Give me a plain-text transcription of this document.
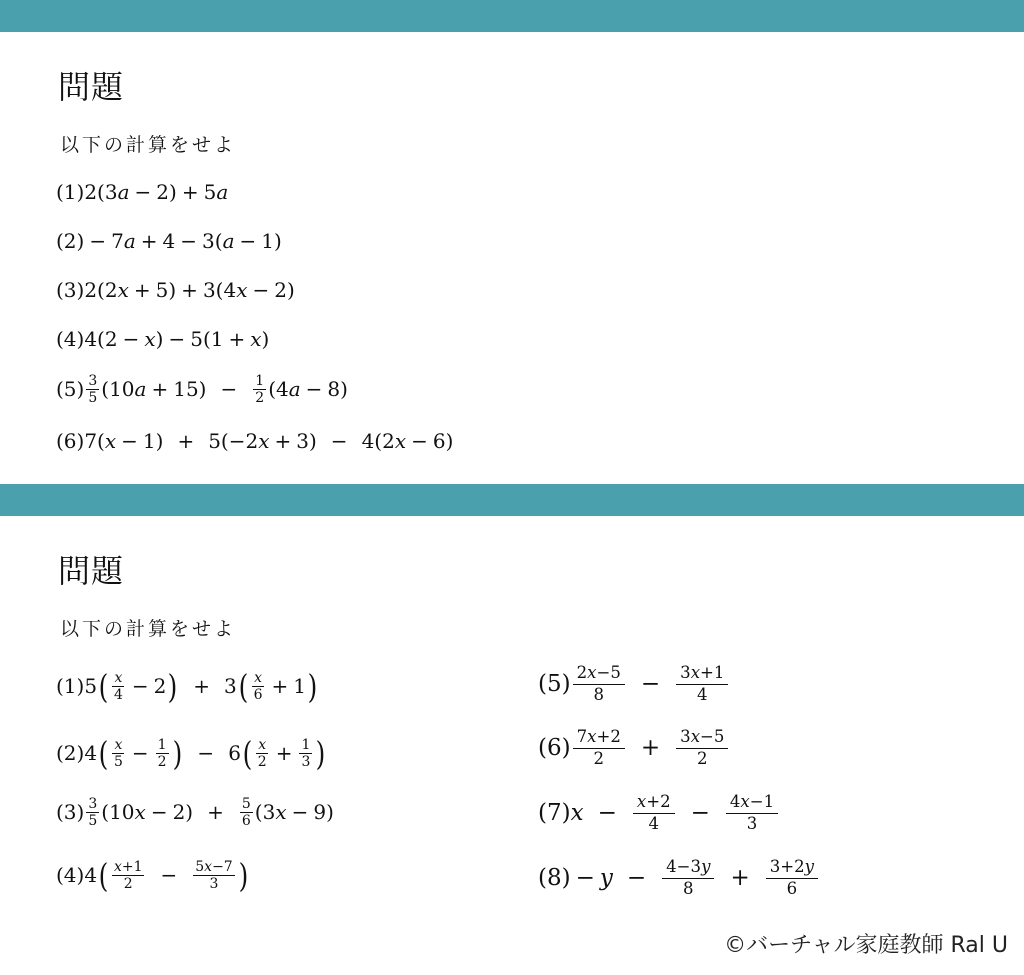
問題
以下の計算をせよ
(1)2(3 a − 2) + 5 a
(2) − 7 a + 4 − 3( a − 1)
(3)2(2 x + 5) + 3(4 x − 2)
(4)4(2 − x ) − 5(1 + x )
$(5) \frac{3}{5} (10$ $a + 15) - \frac{1}{2} (4$ a − 8)
(6)7( x − 1) + 5(−2 x + 3) − 4(2 x − 6)
問題
以下の計算をせよ
(1)5 ( $\frac{x}{4} - 2$ ) + 3 ( $\frac{x}{6} + 1$ )
(2)4 ( $\frac{x}{5} - \frac{1}{2}$ ) − 6 ( $\frac{x}{2} + \frac{1}{3}$ )
$(3) \frac{3}{5} (10$ $x - 2) + \frac{5}{6} (3$ x − 9)
(4)4 ( $\frac{x+1}{2} - \frac{5x-7}{3}$ )
$(5) \frac{2x-5}{8} - \frac{3x+1}{4}$
$(6) \frac{7x+2}{2} + \frac{3x-5}{2}$
(7) $x - \frac{x+2}{4} - \frac{4x-1}{3}$
$(8) - y - \frac{4-3y}{8} + \frac{3+2y}{6}$
©バーチャル家庭教師 Ral U
